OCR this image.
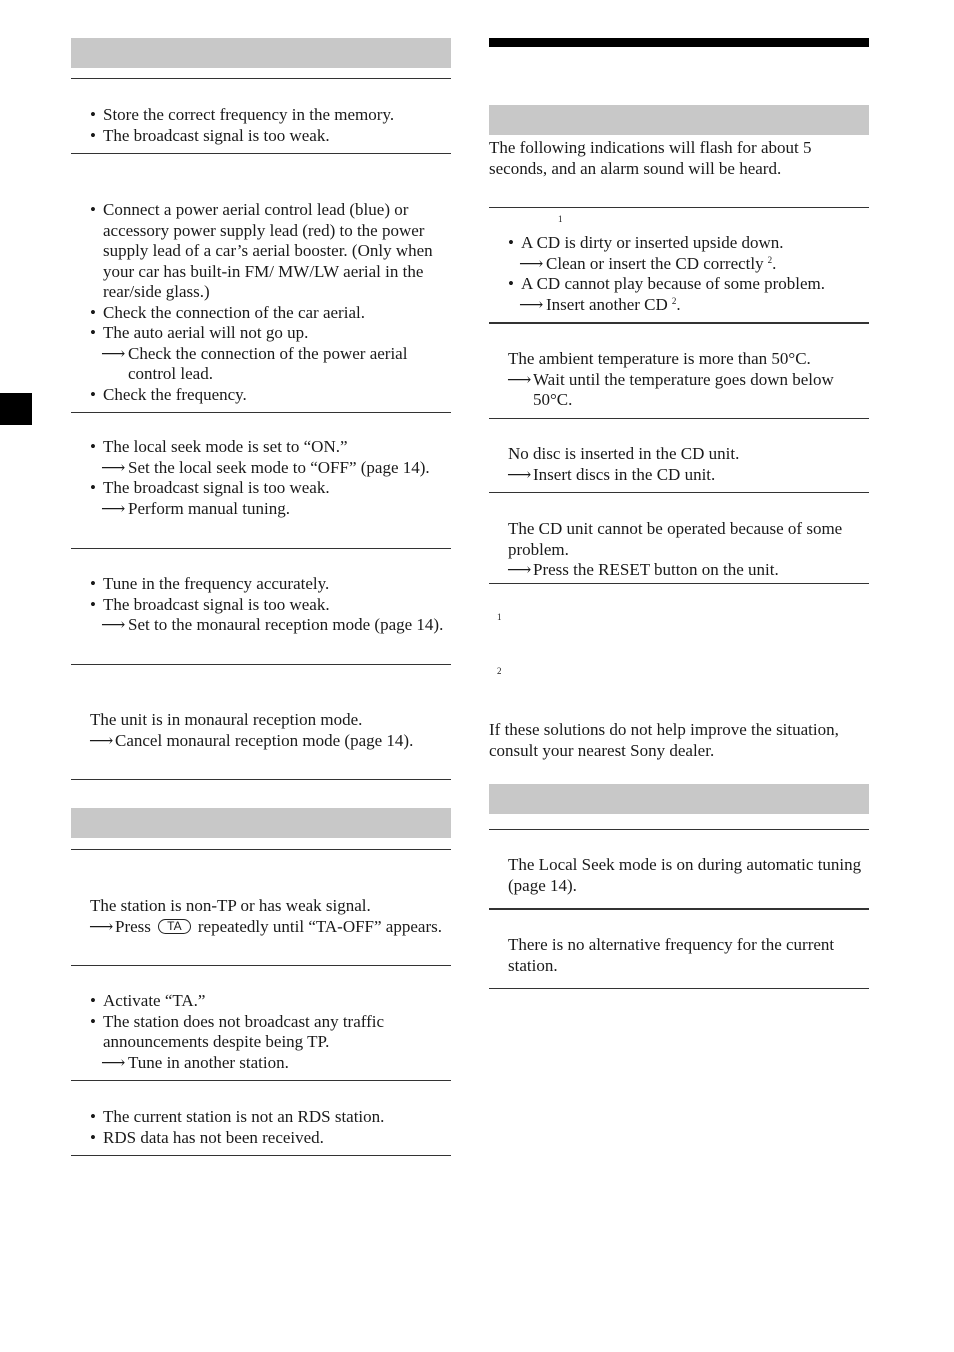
• Store the correct frequency in the memory.
• The broadcast signal is too weak.
• Connect a power aerial control lead (blue) or accessory power supply lead (red) to the power supply lead of a car’s aerial booster. (Only when your car has built-in FM/ MW/LW aerial in the rear/side glass.)
• Check the connection of the car aerial.
• The auto aerial will not go up.
⟶ Check the connection of the power aerial control lead.
• Check the frequency.
• The local seek mode is set to “ON.”
⟶ Set the local seek mode to “OFF” (page 14).
• The broadcast signal is too weak.
⟶ Perform manual tuning.
• Tune in the frequency accurately.
• The broadcast signal is too weak.
⟶ Set to the monaural reception mode (page 14).
The unit is in monaural reception mode.
⟶ Cancel monaural reception mode (page 14).
The station is non-TP or has weak signal.
⟶ Press TA repeatedly until “TA-OFF” appears.
• Activate “TA.”
• The station does not broadcast any traffic announcements despite being TP.
⟶ Tune in another station.
• The current station is not an RDS station.
• RDS data has not been received.
The following indications will flash for about 5 seconds, and an alarm sound will be heard.
1
• A CD is dirty or inserted upside down.
⟶ Clean or insert the CD correctly $^2$.
• A CD cannot play because of some problem.
⟶ Insert another CD $^2$.
The ambient temperature is more than 50°C.
⟶ Wait until the temperature goes down below 50°C.
No disc is inserted in the CD unit.
⟶ Insert discs in the CD unit.
The CD unit cannot be operated because of some problem.
⟶ Press the RESET button on the unit.
1
2
If these solutions do not help improve the situation, consult your nearest Sony dealer.
The Local Seek mode is on during automatic tuning (page 14).
There is no alternative frequency for the current station.
